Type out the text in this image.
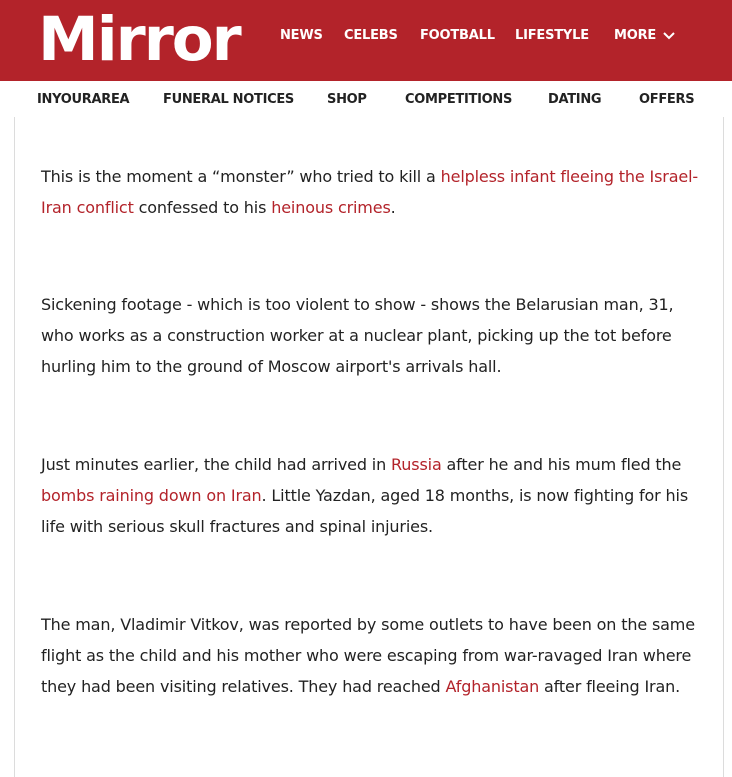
Mirror	NEWS CELEBS FOOTBALL LIFESTYLE MORE
INYOURAREA	FUNERAL NOTICES	SHOP	COMPETITIONS	DATING	OFFERS

This is the moment a “monster” who tried to kill a helpless infant fleeing the Israel-Iran conflict confessed to his heinous crimes.

Sickening footage - which is too violent to show - shows the Belarusian man, 31, who works as a construction worker at a nuclear plant, picking up the tot before hurling him to the ground of Moscow airport's arrivals hall.

Just minutes earlier, the child had arrived in Russia after he and his mum fled the bombs raining down on Iran. Little Yazdan, aged 18 months, is now fighting for his life with serious skull fractures and spinal injuries.

The man, Vladimir Vitkov, was reported by some outlets to have been on the same flight as the child and his mother who were escaping from war-ravaged Iran where they had been visiting relatives. They had reached Afghanistan after fleeing Iran.
